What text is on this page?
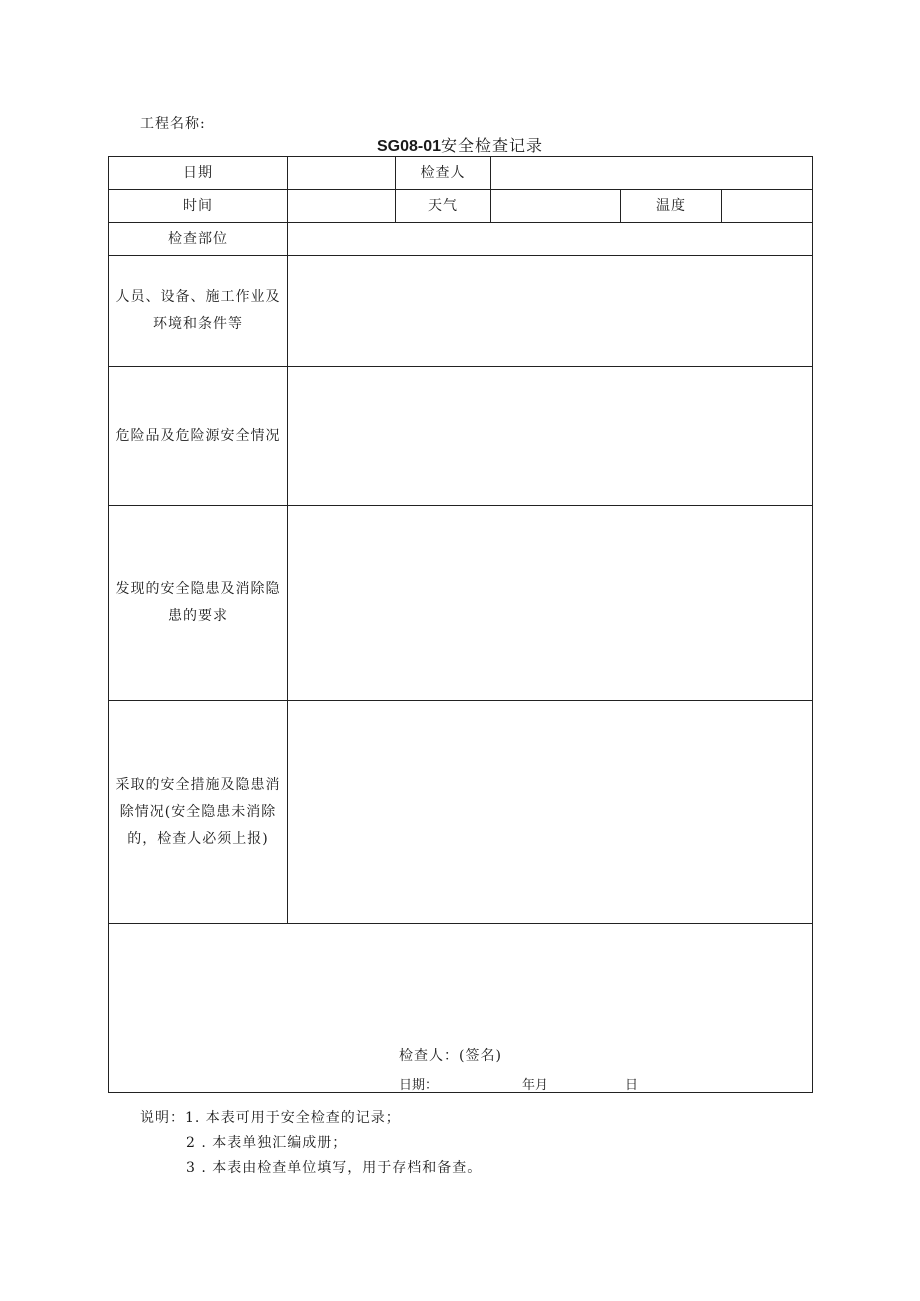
工程名称:
SG08-01安全检查记录
日期		检查人			
时间		天气		温度	
检查部位					
人员、设备、施工作业及环境和条件等					
危险品及危险源安全情况					
发现的安全隐患及消除隐患的要求					
采取的安全措施及隐患消除情况(安全隐患未消除的，检查人必须上报)					

检查人：(签名)
日期： 年月 日					
说明：1. 本表可用于安全检查的记录；
2 . 本表单独汇编成册；
3 . 本表由检查单位填写，用于存档和备查。
